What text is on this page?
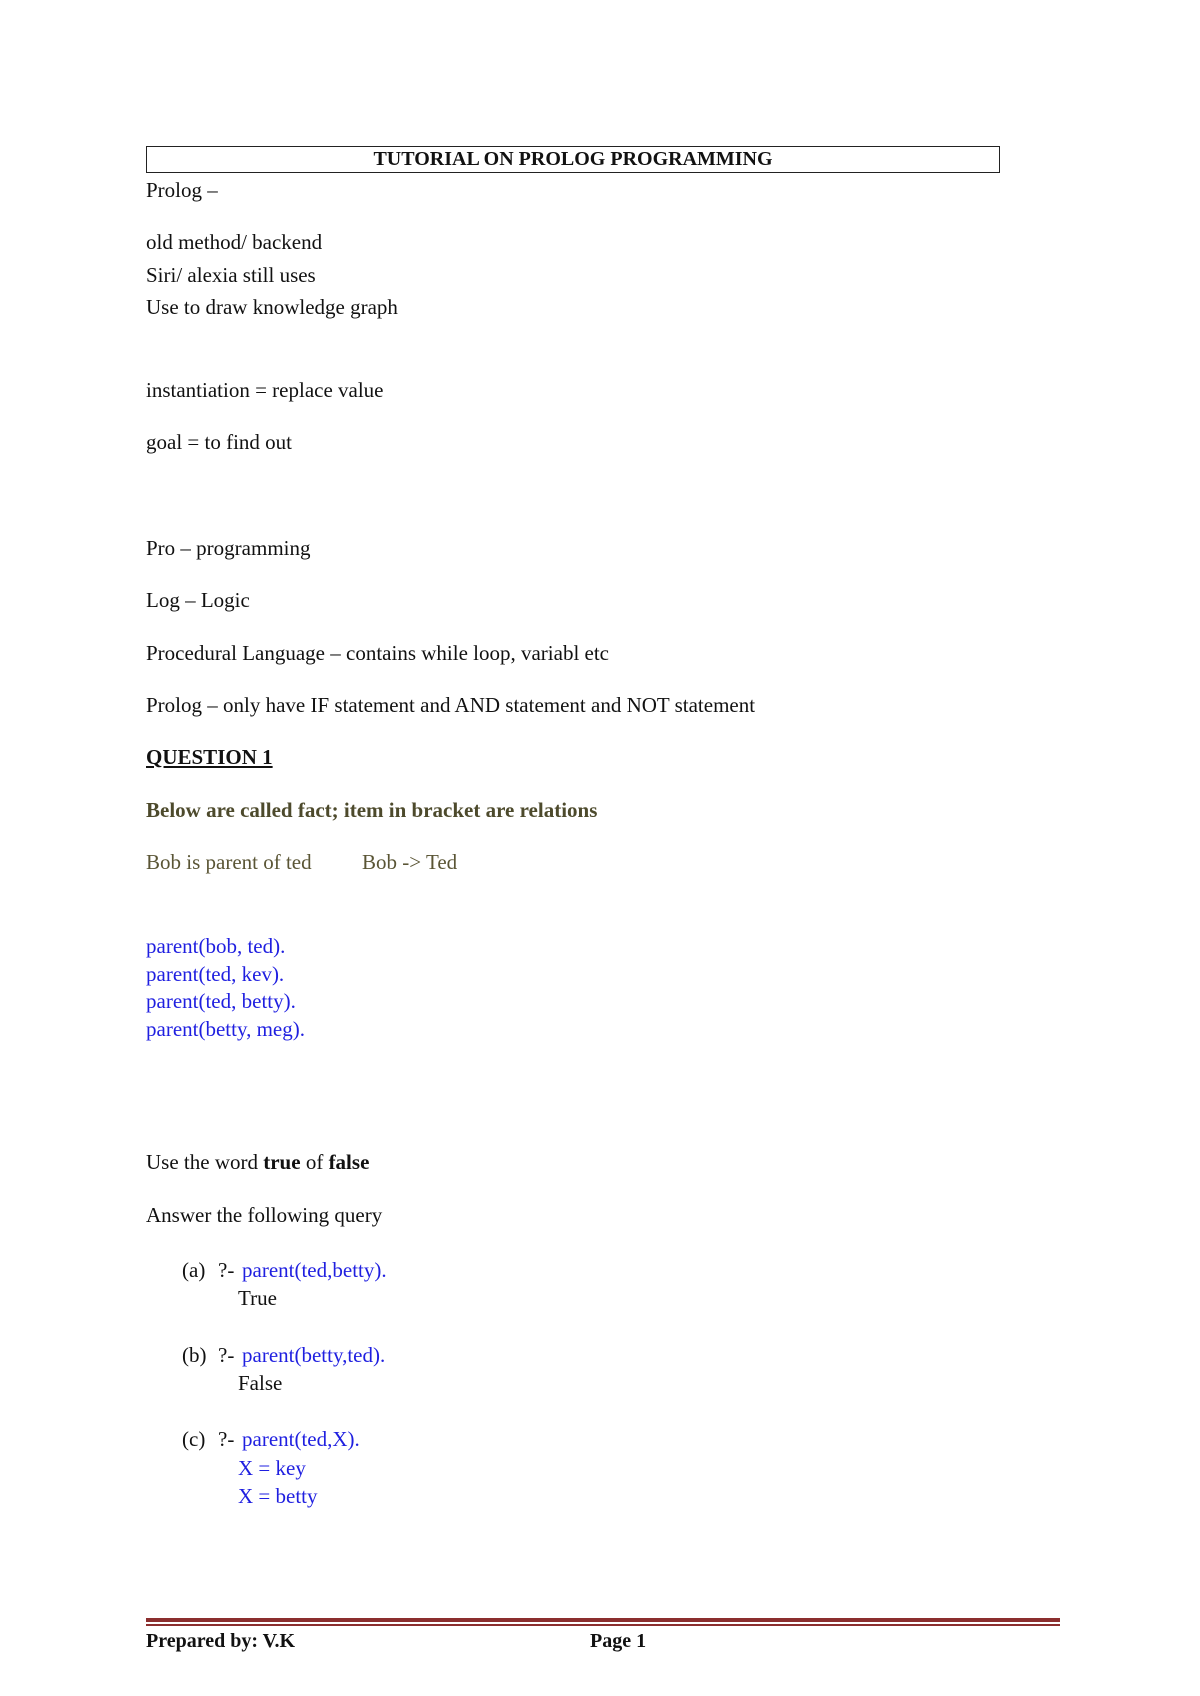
TUTORIAL ON PROLOG PROGRAMMING
Prolog –
old method/ backend
Siri/ alexia still uses
Use to draw knowledge graph
instantiation = replace value
goal = to find out
Pro – programming
Log – Logic
Procedural Language – contains while loop, variabl etc
Prolog – only have IF statement and AND statement and NOT statement
QUESTION 1
Below are called fact; item in bracket are relations
Bob is parent of ted Bob -> Ted
parent(bob, ted).
parent(ted, kev).
parent(ted, betty).
parent(betty, meg).
Use the word true of false
Answer the following query
(a) ?- parent(ted,betty).
True
(b) ?- parent(betty,ted).
False
(c) ?- parent(ted,X).
X = key
X = betty
Prepared by: V.K	Page 1
